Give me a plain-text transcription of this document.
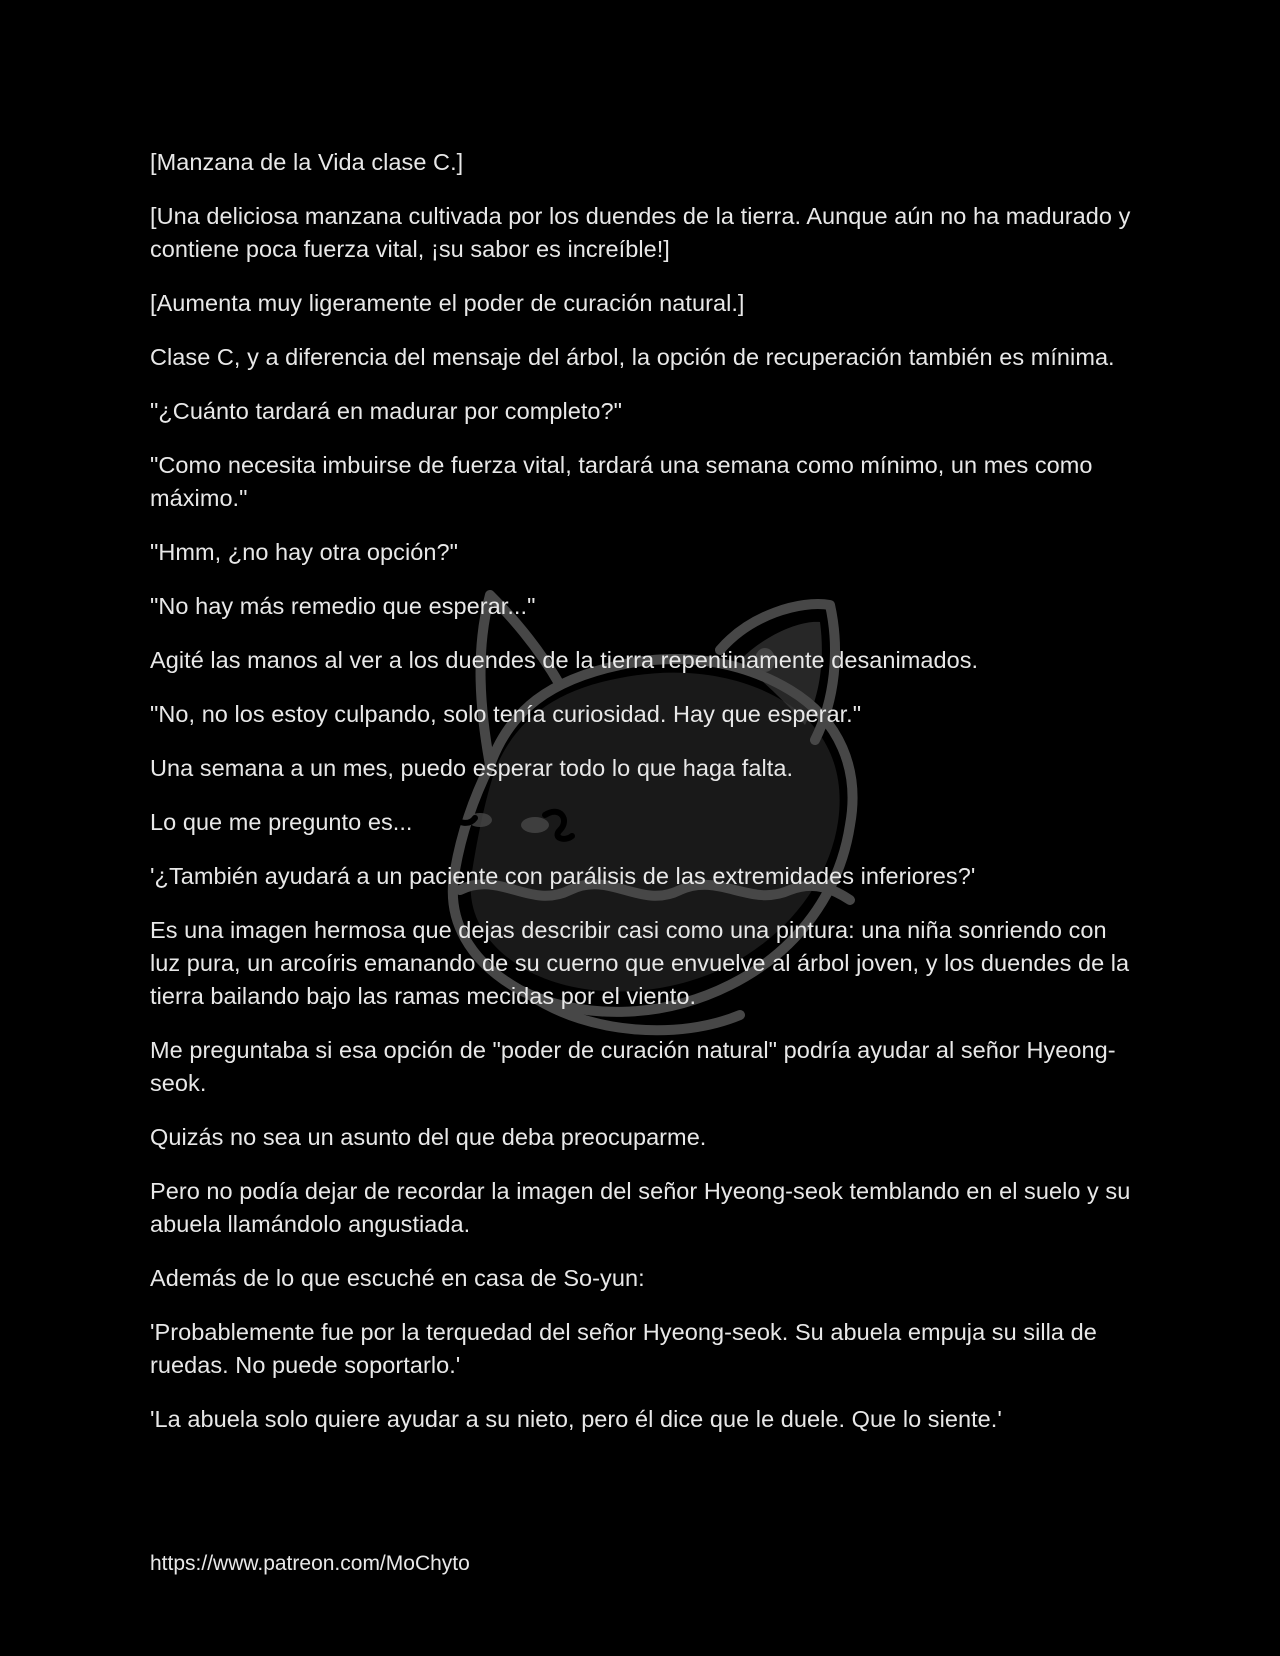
[Manzana de la Vida clase C.]

[Una deliciosa manzana cultivada por los duendes de la tierra. Aunque aún no ha madurado y contiene poca fuerza vital, ¡su sabor es increíble!]

[Aumenta muy ligeramente el poder de curación natural.]

Clase C, y a diferencia del mensaje del árbol, la opción de recuperación también es mínima.

"¿Cuánto tardará en madurar por completo?"

"Como necesita imbuirse de fuerza vital, tardará una semana como mínimo, un mes como máximo."

"Hmm, ¿no hay otra opción?"

"No hay más remedio que esperar..."

Agité las manos al ver a los duendes de la tierra repentinamente desanimados.

"No, no los estoy culpando, solo tenía curiosidad. Hay que esperar."

Una semana a un mes, puedo esperar todo lo que haga falta.

Lo que me pregunto es...

'¿También ayudará a un paciente con parálisis de las extremidades inferiores?'

Es una imagen hermosa que dejas describir casi como una pintura: una niña sonriendo con luz pura, un arcoíris emanando de su cuerno que envuelve al árbol joven, y los duendes de la tierra bailando bajo las ramas mecidas por el viento.

Me preguntaba si esa opción de "poder de curación natural" podría ayudar al señor Hyeong-seok.

Quizás no sea un asunto del que deba preocuparme.

Pero no podía dejar de recordar la imagen del señor Hyeong-seok temblando en el suelo y su abuela llamándolo angustiada.

Además de lo que escuché en casa de So-yun:

'Probablemente fue por la terquedad del señor Hyeong-seok. Su abuela empuja su silla de ruedas. No puede soportarlo.'

'La abuela solo quiere ayudar a su nieto, pero él dice que le duele. Que lo siente.'

https://www.patreon.com/MoChyto
